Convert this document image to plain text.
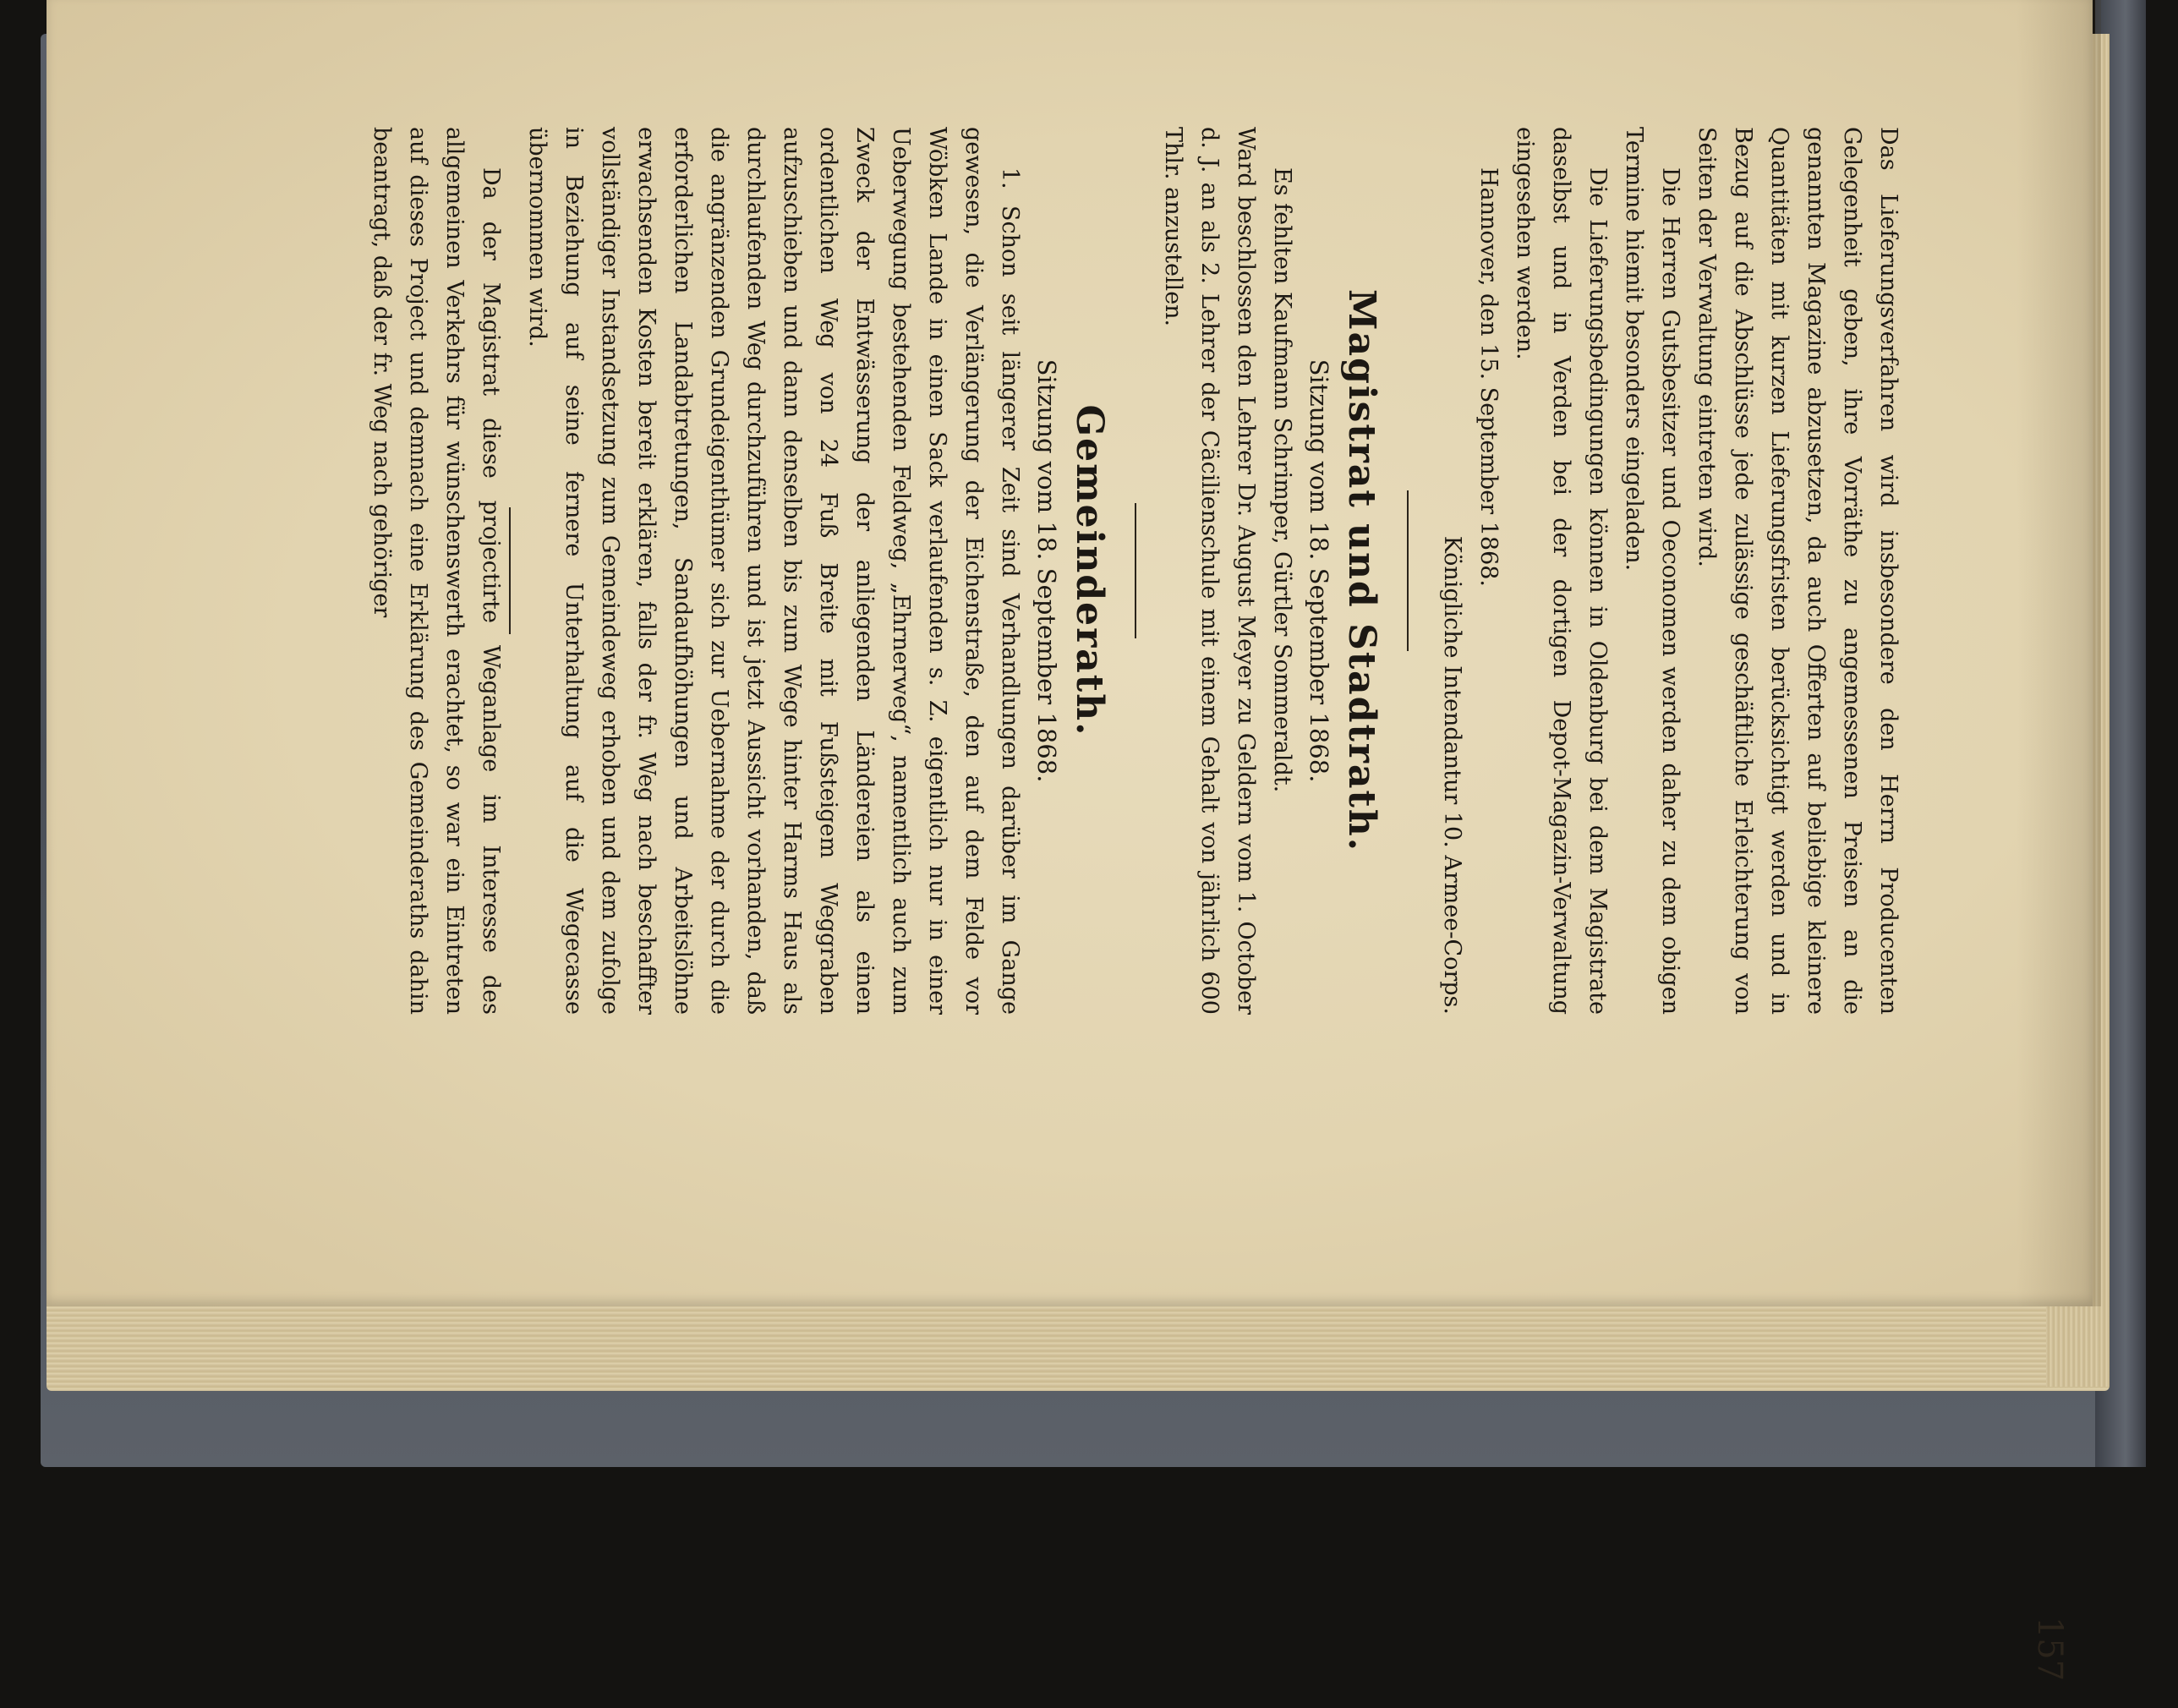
157

Das Lieferungsverfahren wird insbesondere den Herrn Producenten Gelegenheit geben, ihre Vorräthe zu angemessenen Preisen an die genannten Magazine abzusetzen, da auch Offerten auf beliebige kleinere Quantitäten mit kurzen Lieferungsfristen berücksichtigt werden und in Bezug auf die Abschlüsse jede zulässige geschäftliche Erleichterung von Seiten der Verwaltung eintreten wird.

Die Herren Gutsbesitzer und Oeconomen werden daher zu dem obigen Termine hiemit besonders eingeladen.

Die Lieferungsbedingungen können in Oldenburg bei dem Magistrate daselbst und in Verden bei der dortigen Depot-Magazin-Verwaltung eingesehen werden.

Hannover, den 15. September 1868.

Königliche Intendantur 10. Armee-Corps.

Magistrat und Stadtrath.

Sitzung vom 18. September 1868.

Es fehlten Kaufmann Schrimper, Gürtler Sommeraldt.

Ward beschlossen den Lehrer Dr. August Meyer zu Geldern vom 1. October d. J. an als 2. Lehrer der Cäcilienschule mit einem Gehalt von jährlich 600 Thlr. anzustellen.

Gemeinderath.

Sitzung vom 18. September 1868.

1. Schon seit längerer Zeit sind Verhandlungen darüber im Gange gewesen, die Verlängerung der Eichenstraße, den auf dem Felde vor Wöbken Lande in einen Sack verlaufenden s. Z. eigentlich nur in einer Ueberwegung bestehenden Feldweg, „Ehrnerweg“, namentlich auch zum Zweck der Entwässerung der anliegenden Ländereien als einen ordentlichen Weg von 24 Fuß Breite mit Fußsteigem Weggraben aufzuschieben und dann denselben bis zum Wege hinter Harms Haus als durchlaufenden Weg durchzuführen und ist jetzt Aussicht vorhanden, daß die angränzenden Grundeigenthümer sich zur Uebernahme der durch die erforderlichen Landabtretungen, Sandaufhöhungen und Arbeitslöhne erwachsenden Kosten bereit erklären, falls der fr. Weg nach beschaffter vollständiger Instandsetzung zum Gemeindeweg erhoben und dem zufolge in Beziehung auf seine fernere Unterhaltung auf die Wegecasse übernommen wird.

Da der Magistrat diese projectirte Weganlage im Interesse des allgemeinen Verkehrs für wünschenswerth erachtet, so war ein Eintreten auf dieses Project und demnach eine Erklärung des Gemeinderaths dahin beantragt, daß der fr. Weg nach gehöriger
